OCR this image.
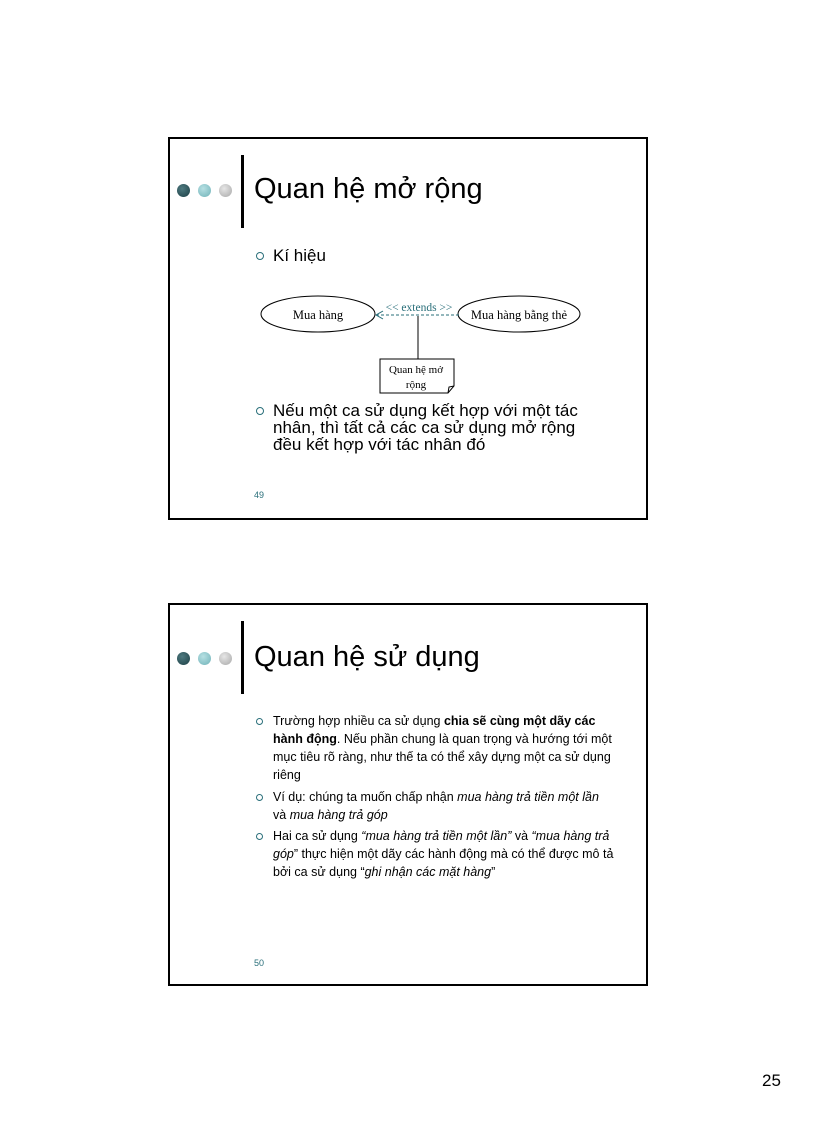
Quan hệ mở rộng
Kí hiệu
Mua hàng	Mua hàng bằng thẻ
<< extends >>
Quan hệ mở
rộng
Nếu một ca sử dụng kết hợp với một tác nhân, thì tất cả các ca sử dụng mở rộng đều kết hợp với tác nhân đó
49
Quan hệ sử dụng
Trường hợp nhiều ca sử dụng chia sẽ cùng một dãy các hành động. Nếu phần chung là quan trọng và hướng tới một mục tiêu rõ ràng, như thế ta có thể xây dựng một ca sử dụng riêng
Ví dụ: chúng ta muốn chấp nhận mua hàng trả tiền một lần và mua hàng trả góp
Hai ca sử dụng “mua hàng trả tiền một lần” và “mua hàng trả góp” thực hiện một dãy các hành động mà có thể được mô tả bởi ca sử dụng “ghi nhận các mặt hàng”
50
25
